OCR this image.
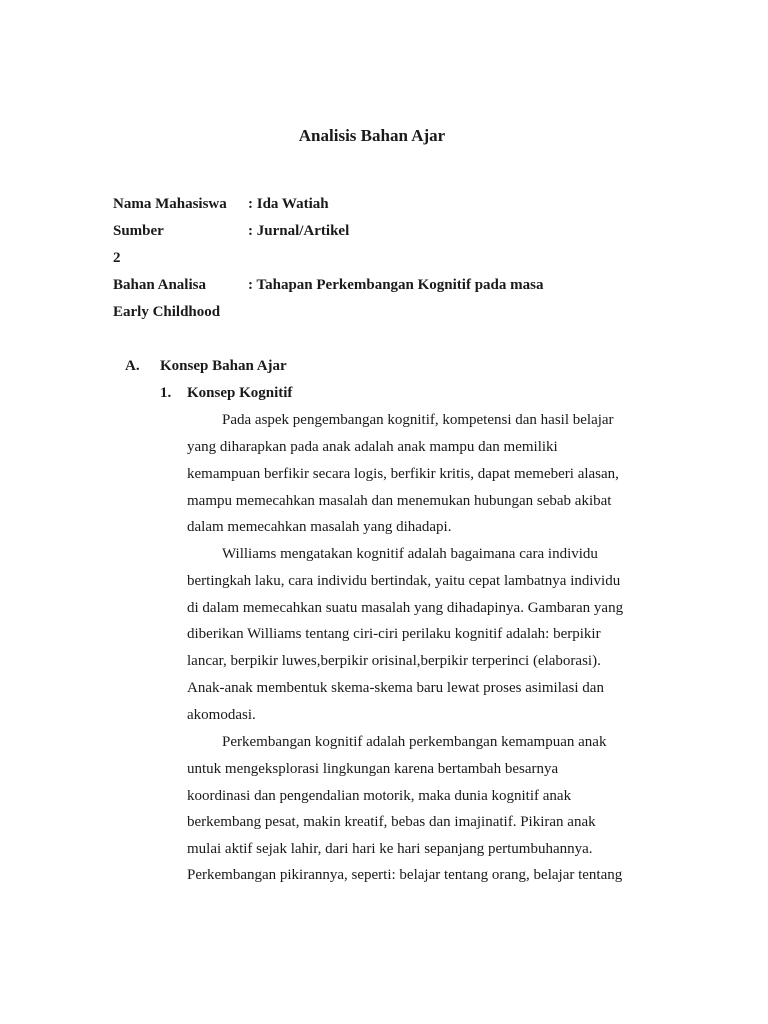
Analisis Bahan Ajar
Nama Mahasiswa : Ida Watiah
Sumber	: Jurnal/Artikel
2
Bahan Analisa	: Tahapan Perkembangan Kognitif pada masa
Early Childhood
A. Konsep Bahan Ajar
1. Konsep Kognitif
Pada aspek pengembangan kognitif, kompetensi dan hasil belajar
yang diharapkan pada anak adalah anak mampu dan memiliki
kemampuan berfikir secara logis, berfikir kritis, dapat memeberi alasan,
mampu memecahkan masalah dan menemukan hubungan sebab akibat
dalam memecahkan masalah yang dihadapi.
Williams mengatakan kognitif adalah bagaimana cara individu
bertingkah laku, cara individu bertindak, yaitu cepat lambatnya individu
di dalam memecahkan suatu masalah yang dihadapinya. Gambaran yang
diberikan Williams tentang ciri-ciri perilaku kognitif adalah: berpikir
lancar, berpikir luwes,berpikir orisinal,berpikir terperinci (elaborasi).
Anak-anak membentuk skema-skema baru lewat proses asimilasi dan
akomodasi.
Perkembangan kognitif adalah perkembangan kemampuan anak
untuk mengeksplorasi lingkungan karena bertambah besarnya
koordinasi dan pengendalian motorik, maka dunia kognitif anak
berkembang pesat, makin kreatif, bebas dan imajinatif. Pikiran anak
mulai aktif sejak lahir, dari hari ke hari sepanjang pertumbuhannya.
Perkembangan pikirannya, seperti: belajar tentang orang, belajar tentang
